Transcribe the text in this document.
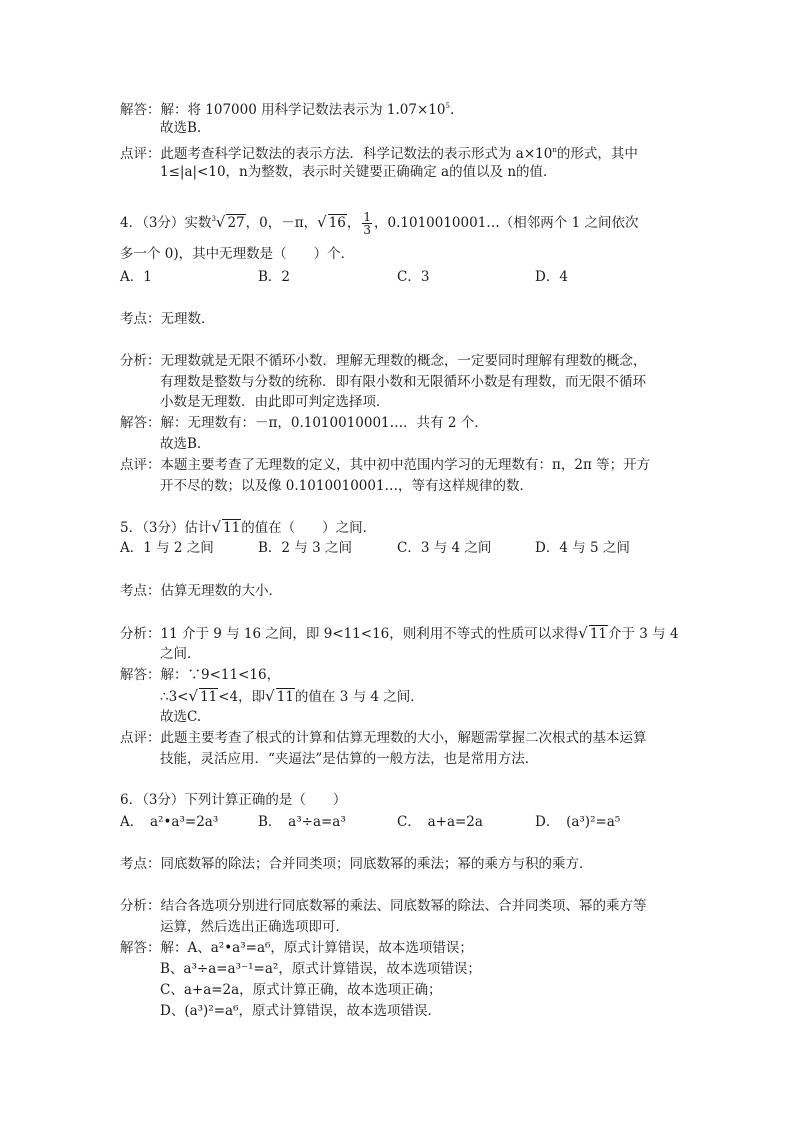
解答：解：将 107000 用科学记数法表示为 $1.07\times 10^5$.
故选B.
点评：此题考查科学记数法的表示方法．科学记数法的表示形式为 $a\times 10^n$的形式，其中
1≤|a|<10，n为整数，表示时关键要正确确定 a的值以及 n的值．
4．（3分）实数$^3$√ 27，0，－π，√ 16， $\frac{1}{3}$ ，0.1010010001…（相邻两个 1 之间依次
多一个 0)，其中无理数是（　　）个．
A．1	B．2	C．3	D．4
考点：无理数．
分析：无理数就是无限不循环小数．理解无理数的概念，一定要同时理解有理数的概念，
有理数是整数与分数的统称．即有限小数和无限循环小数是有理数，而无限不循环
小数是无理数．由此即可判定选择项．
解答：解：无理数有：－π，0.1010010001…．共有 2 个．
故选B.
点评：本题主要考查了无理数的定义，其中初中范围内学习的无理数有：π，2π 等；开方
开不尽的数；以及像 0.1010010001…，等有这样规律的数．
5．（3分）估计√ 11的值在（　　）之间．
A．1 与 2 之间	B．2 与 3 之间	C．3 与 4 之间	D．4 与 5 之间
考点：估算无理数的大小．
分析：11 介于 9 与 16 之间，即 9<11<16，则利用不等式的性质可以求得√ 11介于 3 与 4
之间．
解答：解：∵9<11<16，
∴3<√ 11<4，即√ 11的值在 3 与 4 之间．
故选C.
点评：此题主要考查了根式的计算和估算无理数的大小，解题需掌握二次根式的基本运算
技能，灵活应用．“夹逼法”是估算的一般方法，也是常用方法．
6．（3分）下列计算正确的是（　　）
A．　a²•a³=2a³	B．　a³÷a=a³	C．　a+a=2a	D．　(a³)²=a⁵
考点：同底数幂的除法；合并同类项；同底数幂的乘法；幂的乘方与积的乘方．
分析：结合各选项分别进行同底数幂的乘法、同底数幂的除法、合并同类项、幂的乘方等
运算，然后选出正确选项即可．
解答：解：A、a²•a³=a⁶，原式计算错误，故本选项错误；
B、a³÷a=a³⁻¹=a²，原式计算错误，故本选项错误；
C、a+a=2a，原式计算正确，故本选项正确；
D、(a³)²=a⁶，原式计算错误，故本选项错误．
